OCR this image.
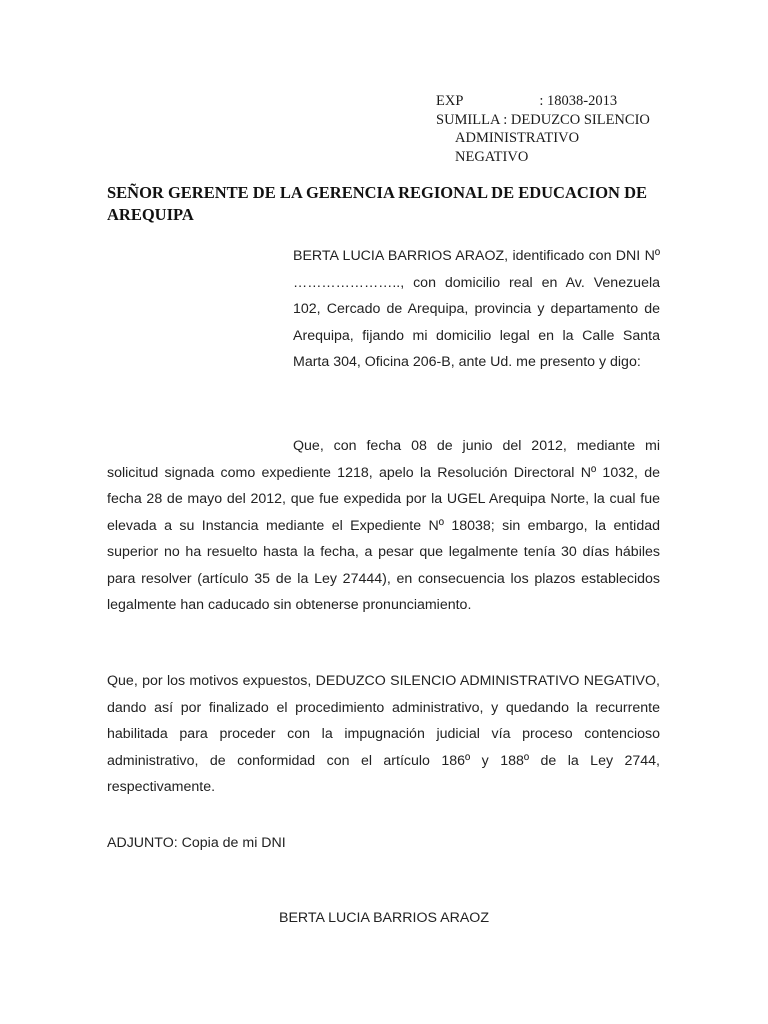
EXP	: 18038-2013
SUMILLA : DEDUZCO SILENCIO
ADMINISTRATIVO
NEGATIVO
SEÑOR GERENTE DE LA GERENCIA REGIONAL DE EDUCACION DE AREQUIPA

BERTA LUCIA BARRIOS ARAOZ, identificado con DNI Nº ………………….., con domicilio real en Av. Venezuela 102, Cercado de Arequipa, provincia y departamento de Arequipa, fijando mi domicilio legal en la Calle Santa Marta 304, Oficina 206-B, ante Ud. me presento y digo:

Que, con fecha 08 de junio del 2012, mediante mi solicitud signada como expediente 1218, apelo la Resolución Directoral Nº 1032, de fecha 28 de mayo del 2012, que fue expedida por la UGEL Arequipa Norte, la cual fue elevada a su Instancia mediante el Expediente Nº 18038; sin embargo, la entidad superior no ha resuelto hasta la fecha, a pesar que legalmente tenía 30 días hábiles para resolver (artículo 35 de la Ley 27444), en consecuencia los plazos establecidos legalmente han caducado sin obtenerse pronunciamiento.

Que, por los motivos expuestos, DEDUZCO SILENCIO ADMINISTRATIVO NEGATIVO, dando así por finalizado el procedimiento administrativo, y quedando la recurrente habilitada para proceder con la impugnación judicial vía proceso contencioso administrativo, de conformidad con el artículo 186º y 188º de la Ley 2744, respectivamente.

ADJUNTO: Copia de mi DNI

BERTA LUCIA BARRIOS ARAOZ
